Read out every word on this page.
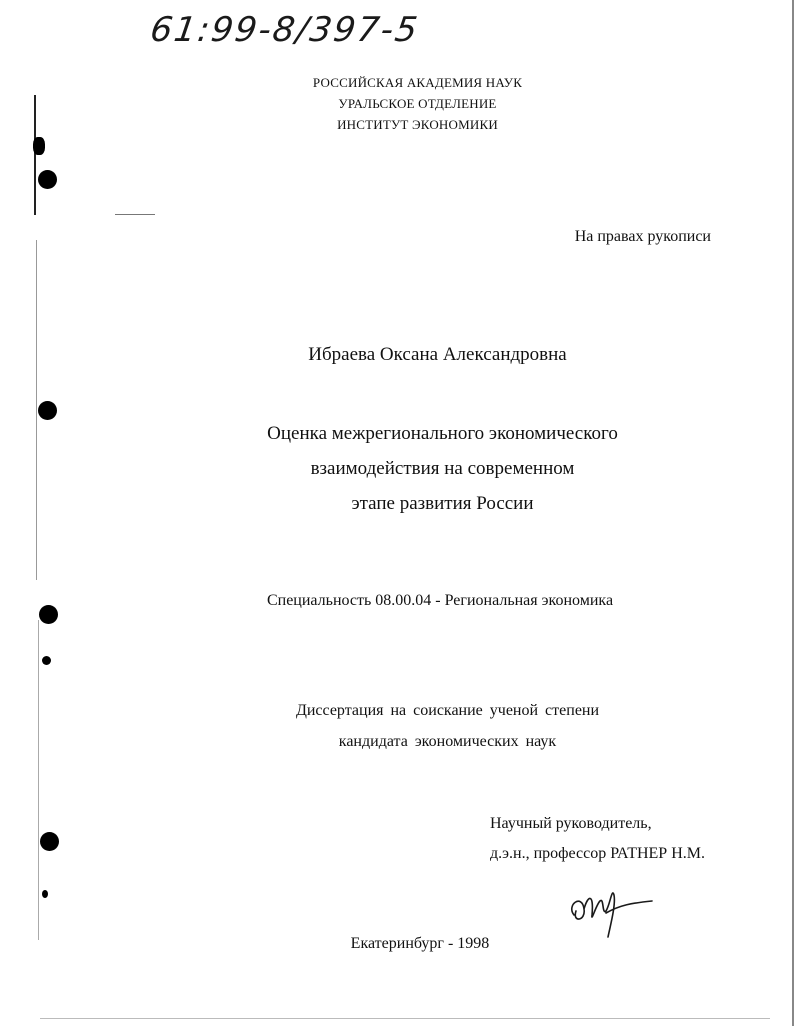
61:99-8/397-5
РОССИЙСКАЯ АКАДЕМИЯ НАУК
УРАЛЬСКОЕ ОТДЕЛЕНИЕ
ИНСТИТУТ ЭКОНОМИКИ
На правах рукописи
Ибраева Оксана Александровна
Оценка межрегионального экономического
взаимодействия на современном
этапе развития России
Специальность 08.00.04 - Региональная экономика
Диссертация на соискание ученой степени
кандидата экономических наук
Научный руководитель,
д.э.н., профессор РАТНЕР Н.М.
Екатеринбург - 1998
